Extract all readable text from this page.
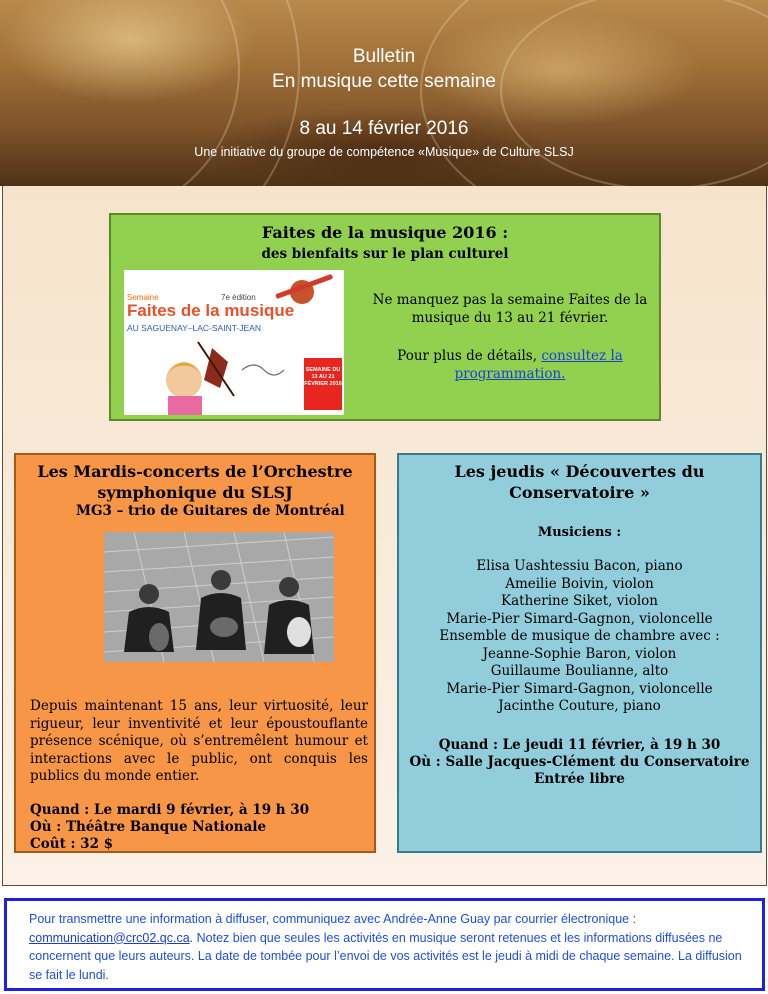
Bulletin
En musique cette semaine
8 au 14 février 2016
Une initiative du groupe de compétence «Musique» de Culture SLSJ
Faites de la musique 2016 :
des bienfaits sur le plan culturel
Semaine	7e édition
Faites de la musique
AU SAGUENAY–LAC-SAINT-JEAN
SEMAINE DU 13 AU 21 FÉVRIER 2016
Ne manquez pas la semaine Faites de la musique du 13 au 21 février.
Pour plus de détails, consultez la programmation.
Les Mardis-concerts de l’Orchestre symphonique du SLSJ
MG3 – trio de Guitares de Montréal
Depuis maintenant 15 ans, leur virtuosité, leur rigueur, leur inventivité et leur époustouflante présence scénique, où s’entremêlent humour et interactions avec le public, ont conquis les publics du monde entier.
Quand : Le mardi 9 février, à 19 h 30
Où : Théâtre Banque Nationale
Coût : 32 $
Les jeudis « Découvertes du Conservatoire »
Musiciens :
Elisa Uashtessiu Bacon, piano
Ameilie Boivin, violon
Katherine Siket, violon
Marie-Pier Simard-Gagnon, violoncelle
Ensemble de musique de chambre avec :
Jeanne-Sophie Baron, violon
Guillaume Boulianne, alto
Marie-Pier Simard-Gagnon, violoncelle
Jacinthe Couture, piano
Quand : Le jeudi 11 février, à 19 h 30
Où : Salle Jacques-Clément du Conservatoire
Entrée libre
Pour transmettre une information à diffuser, communiquez avec Andrée-Anne Guay par courrier électronique : communication@crc02.qc.ca. Notez bien que seules les activités en musique seront retenues et les informations diffusées ne concernent que leurs auteurs. La date de tombée pour l’envoi de vos activités est le jeudi à midi de chaque semaine. La diffusion se fait le lundi.
